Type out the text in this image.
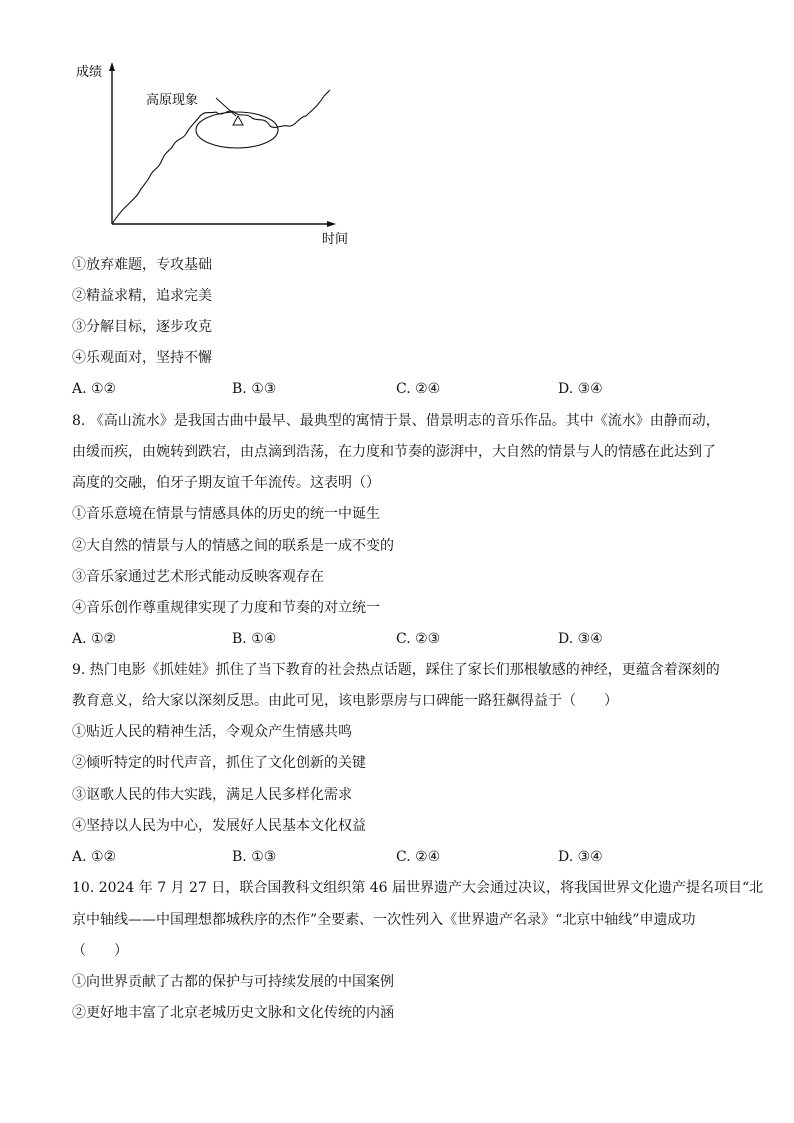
成绩
时间
高原现象
①放弃难题，专攻基础
②精益求精，追求完美
③分解目标，逐步攻克
④乐观面对，坚持不懈
A. ①②	B. ①③	C. ②④	D. ③④
8. 《高山流水》是我国古曲中最早、最典型的寓情于景、借景明志的音乐作品。其中《流水》由静而动，
由缓而疾，由婉转到跌宕，由点滴到浩荡，在力度和节奏的澎湃中，大自然的情景与人的情感在此达到了
高度的交融，伯牙子期友谊千年流传。这表明（）
①音乐意境在情景与情感具体的历史的统一中诞生
②大自然的情景与人的情感之间的联系是一成不变的
③音乐家通过艺术形式能动反映客观存在
④音乐创作尊重规律实现了力度和节奏的对立统一
A. ①②	B. ①④	C. ②③	D. ③④
9. 热门电影《抓娃娃》抓住了当下教育的社会热点话题，踩住了家长们那根敏感的神经，更蕴含着深刻的
教育意义，给大家以深刻反思。由此可见，该电影票房与口碑能一路狂飙得益于（　　）
①贴近人民的精神生活，令观众产生情感共鸣
②倾听特定的时代声音，抓住了文化创新的关键
③讴歌人民的伟大实践，满足人民多样化需求
④坚持以人民为中心，发展好人民基本文化权益
A. ①②	B. ①③	C. ②④	D. ③④
10. 2024 年 7 月 27 日，联合国教科文组织第 46 届世界遗产大会通过决议，将我国世界文化遗产提名项目“北
京中轴线——中国理想都城秩序的杰作”全要素、一次性列入《世界遗产名录》“北京中轴线”申遗成功
（　　）
①向世界贡献了古都的保护与可持续发展的中国案例
②更好地丰富了北京老城历史文脉和文化传统的内涵
